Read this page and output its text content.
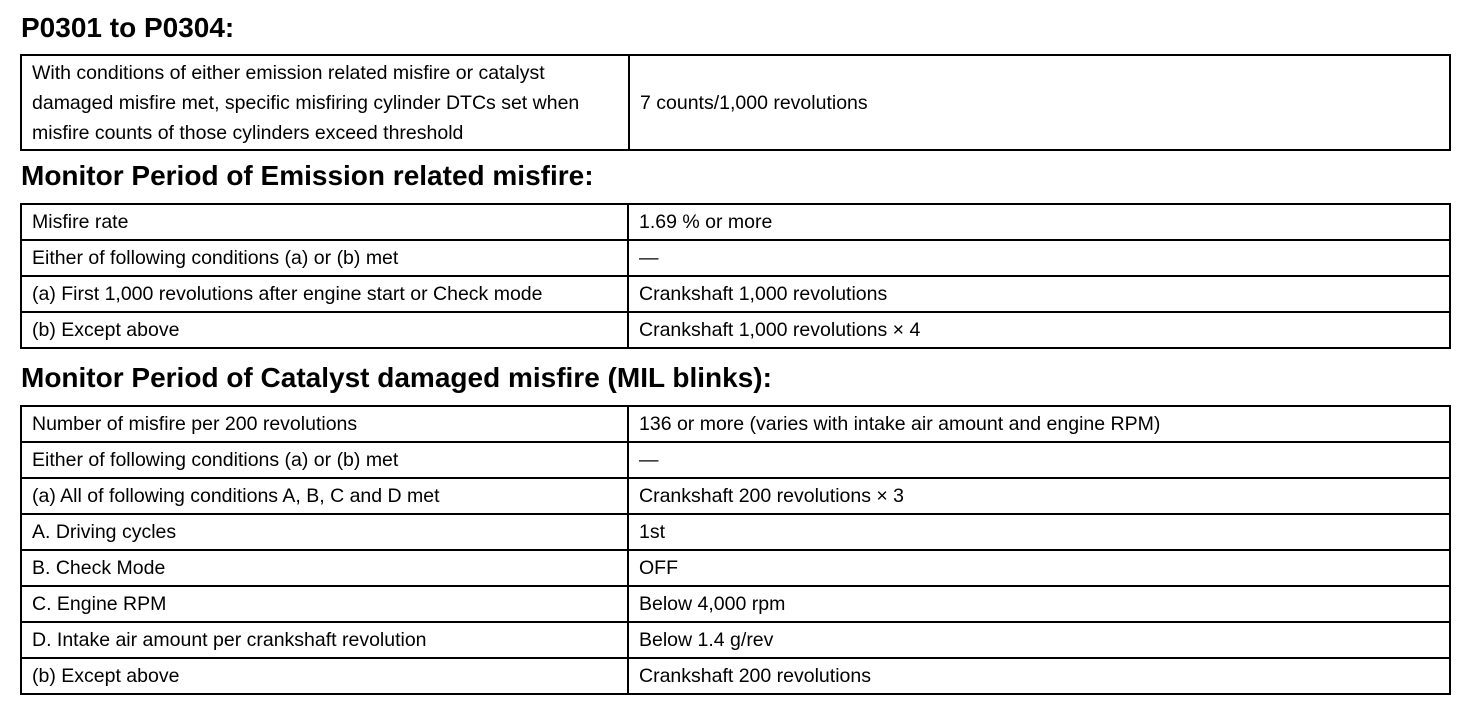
P0301 to P0304:
With conditions of either emission related misfire or catalyst damaged misfire met, specific misfiring cylinder DTCs set when misfire counts of those cylinders exceed threshold
	7 counts/1,000 revolutions
Monitor Period of Emission related misfire:
Misfire rate	1.69 % or more
Either of following conditions (a) or (b) met	—
(a) First 1,000 revolutions after engine start or Check mode	Crankshaft 1,000 revolutions
(b) Except above	Crankshaft 1,000 revolutions × 4
Monitor Period of Catalyst damaged misfire (MIL blinks):
Number of misfire per 200 revolutions	136 or more (varies with intake air amount and engine RPM)
Either of following conditions (a) or (b) met	—
(a) All of following conditions A, B, C and D met	Crankshaft 200 revolutions × 3
A. Driving cycles	1st
B. Check Mode	OFF
C. Engine RPM	Below 4,000 rpm
D. Intake air amount per crankshaft revolution	Below 1.4 g/rev
(b) Except above	Crankshaft 200 revolutions
